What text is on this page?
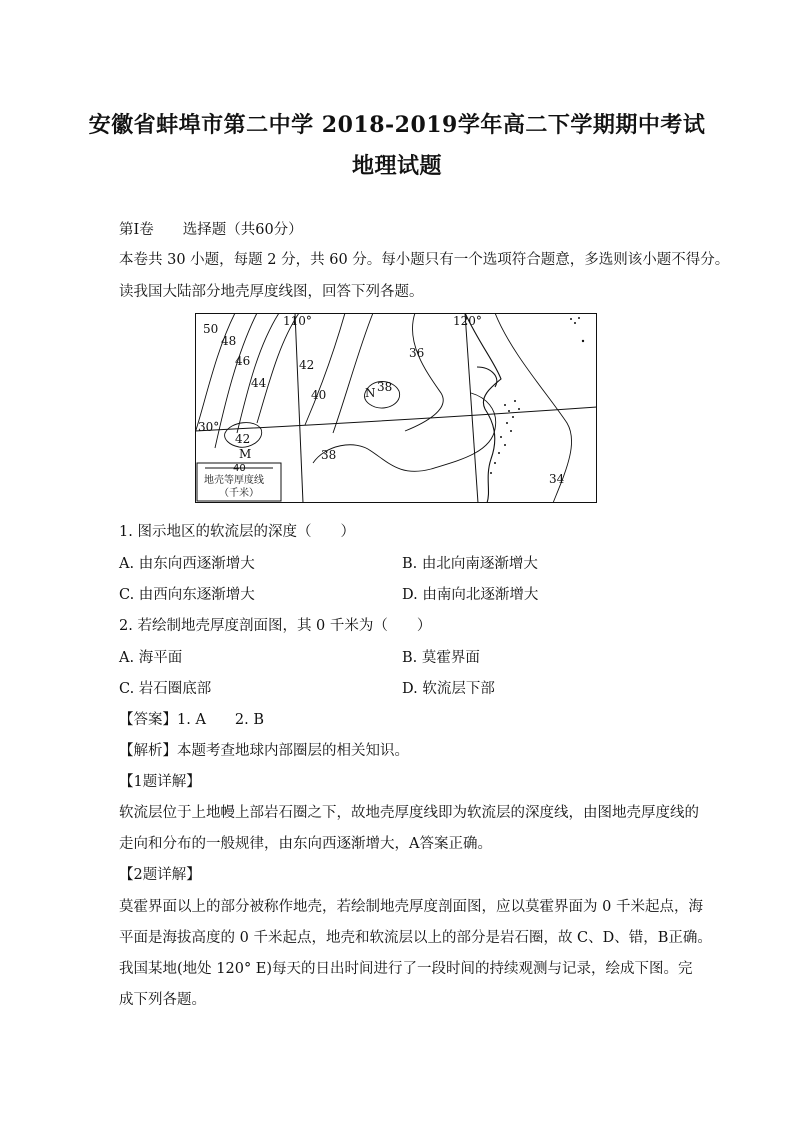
安徽省蚌埠市第二中学 2018-2019学年高二下学期期中考试
地理试题
第Ⅰ卷　　选择题（共60分）
本卷共 30 小题，每题 2 分，共 60 分。每小题只有一个选项符合题意，多选则该小题不得分。
读我国大陆部分地壳厚度线图，回答下列各题。
110°	120°
30°
50
48
46
44
42
40
36
38
42
38
34
N
M
40
地壳等厚度线
（千米）
1. 图示地区的软流层的深度（　　）
A. 由东向西逐渐增大	B. 由北向南逐渐增大
C. 由西向东逐渐增大	D. 由南向北逐渐增大
2. 若绘制地壳厚度剖面图，其 0 千米为（　　）
A. 海平面	B. 莫霍界面
C. 岩石圈底部	D. 软流层下部
【答案】1. A　　2. B
【解析】本题考查地球内部圈层的相关知识。
【1题详解】
软流层位于上地幔上部岩石圈之下，故地壳厚度线即为软流层的深度线，由图地壳厚度线的
走向和分布的一般规律，由东向西逐渐增大，A答案正确。
【2题详解】
莫霍界面以上的部分被称作地壳，若绘制地壳厚度剖面图，应以莫霍界面为 0 千米起点，海
平面是海拔高度的 0 千米起点，地壳和软流层以上的部分是岩石圈，故 C、D、错，B正确。
我国某地(地处 120° E)每天的日出时间进行了一段时间的持续观测与记录，绘成下图。完
成下列各题。
